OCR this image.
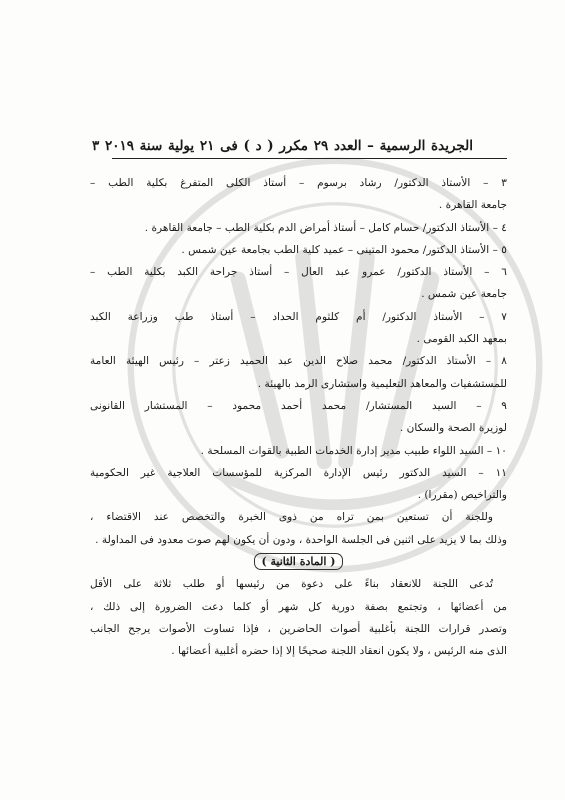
الجريدة الرسمية – العدد ٢٩ مكرر ( د ) فى ٢١ يولية سنة ٢٠١٩ ٣

٣ – الأستاذ الدكتور/ رشاد برسوم – أستاذ الكلى المتفرغ بكلية الطب –

جامعة القاهرة .

٤ – الأستاذ الدكتور/ حسام كامل – أستاذ أمراض الدم بكلية الطب – جامعة القاهرة .

٥ – الأستاذ الدكتور/ محمود المتينى – عميد كلية الطب بجامعة عين شمس .

٦ – الأستاذ الدكتور/ عمرو عبد العال – أستاذ جراحة الكبد بكلية الطب –

جامعة عين شمس .

٧ – الأستاذ الدكتور/ أم كلثوم الحداد – أستاذ طب وزراعة الكبد

بمعهد الكبد القومى .

٨ – الأستاذ الدكتور/ محمد صلاح الدين عبد الحميد زعتر – رئيس الهيئة العامة

للمستشفيات والمعاهد التعليمية واستشارى الرمد بالهيئة .

٩ – السيد المستشار/ محمد أحمد محمود – المستشار القانونى

لوزيرة الصحة والسكان .

١٠ – السيد اللواء طبيب مدير إدارة الخدمات الطبية بالقوات المسلحة .

١١ – السيد الدكتور رئيس الإدارة المركزية للمؤسسات العلاجية غير الحكومية

والتراخيص (مقررا) .

وللجنة أن تستعين بمن تراه من ذوى الخبرة والتخصص عند الاقتضاء ،

وذلك بما لا يزيد على اثنين فى الجلسة الواحدة ، ودون أن يكون لهم صوت معدود فى المداولة .

( المادة الثانية )

تُدعى اللجنة للانعقاد بناءً على دعوة من رئيسها أو طلب ثلاثة على الأقل

من أعضائها ، وتجتمع بصفة دورية كل شهر أو كلما دعت الضرورة إلى ذلك ،

وتصدر قرارات اللجنة بأغلبية أصوات الحاضرين ، فإذا تساوت الأصوات يرجح الجانب

الذى منه الرئيس ، ولا يكون انعقاد اللجنة صحيحًا إلا إذا حضره أغلبية أعضائها .
